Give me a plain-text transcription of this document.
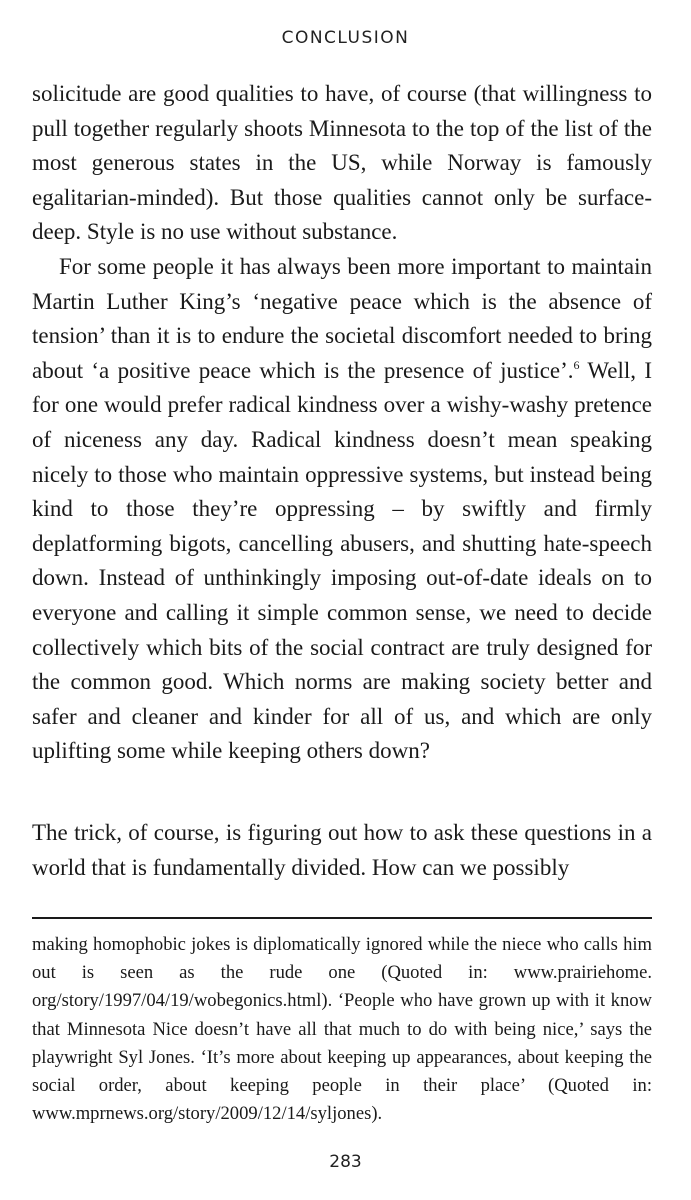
CONCLUSION

solicitude are good qualities to have, of course (that willingness to pull together regularly shoots Minnesota to the top of the list of the most generous states in the US, while Norway is famously egalitarian-minded). But those qualities cannot only be surface-deep. Style is no use without substance.

For some people it has always been more important to maintain Martin Luther King’s ‘negative peace which is the absence of tension’ than it is to endure the societal discomfort needed to bring about ‘a positive peace which is the presence of justice’.$^6$ Well, I for one would prefer radical kindness over a wishy-washy pretence of niceness any day. Radical kindness doesn’t mean speaking nicely to those who maintain oppressive systems, but instead being kind to those they’re oppressing – by swiftly and firmly deplatforming bigots, cancelling abusers, and shutting hate-speech down. Instead of unthinkingly imposing out-of-date ideals on to everyone and calling it simple common sense, we need to decide collectively which bits of the social contract are truly designed for the common good. Which norms are making society better and safer and cleaner and kinder for all of us, and which are only uplifting some while keeping others down?

The trick, of course, is figuring out how to ask these questions in a world that is fundamentally divided. How can we possibly

making homophobic jokes is diplomatically ignored while the niece who calls him out is seen as the rude one (Quoted in: www.prairiehome.​org/story/1997/04/19/wobegonics.html). ‘People who have grown up with it know that Minnesota Nice doesn’t have all that much to do with being nice,’ says the playwright Syl Jones. ‘It’s more about keeping up appearances, about keeping the social order, about keeping people in their place’ (Quoted in: www.mprnews.org/story/2009/12/14/syljones).

283
